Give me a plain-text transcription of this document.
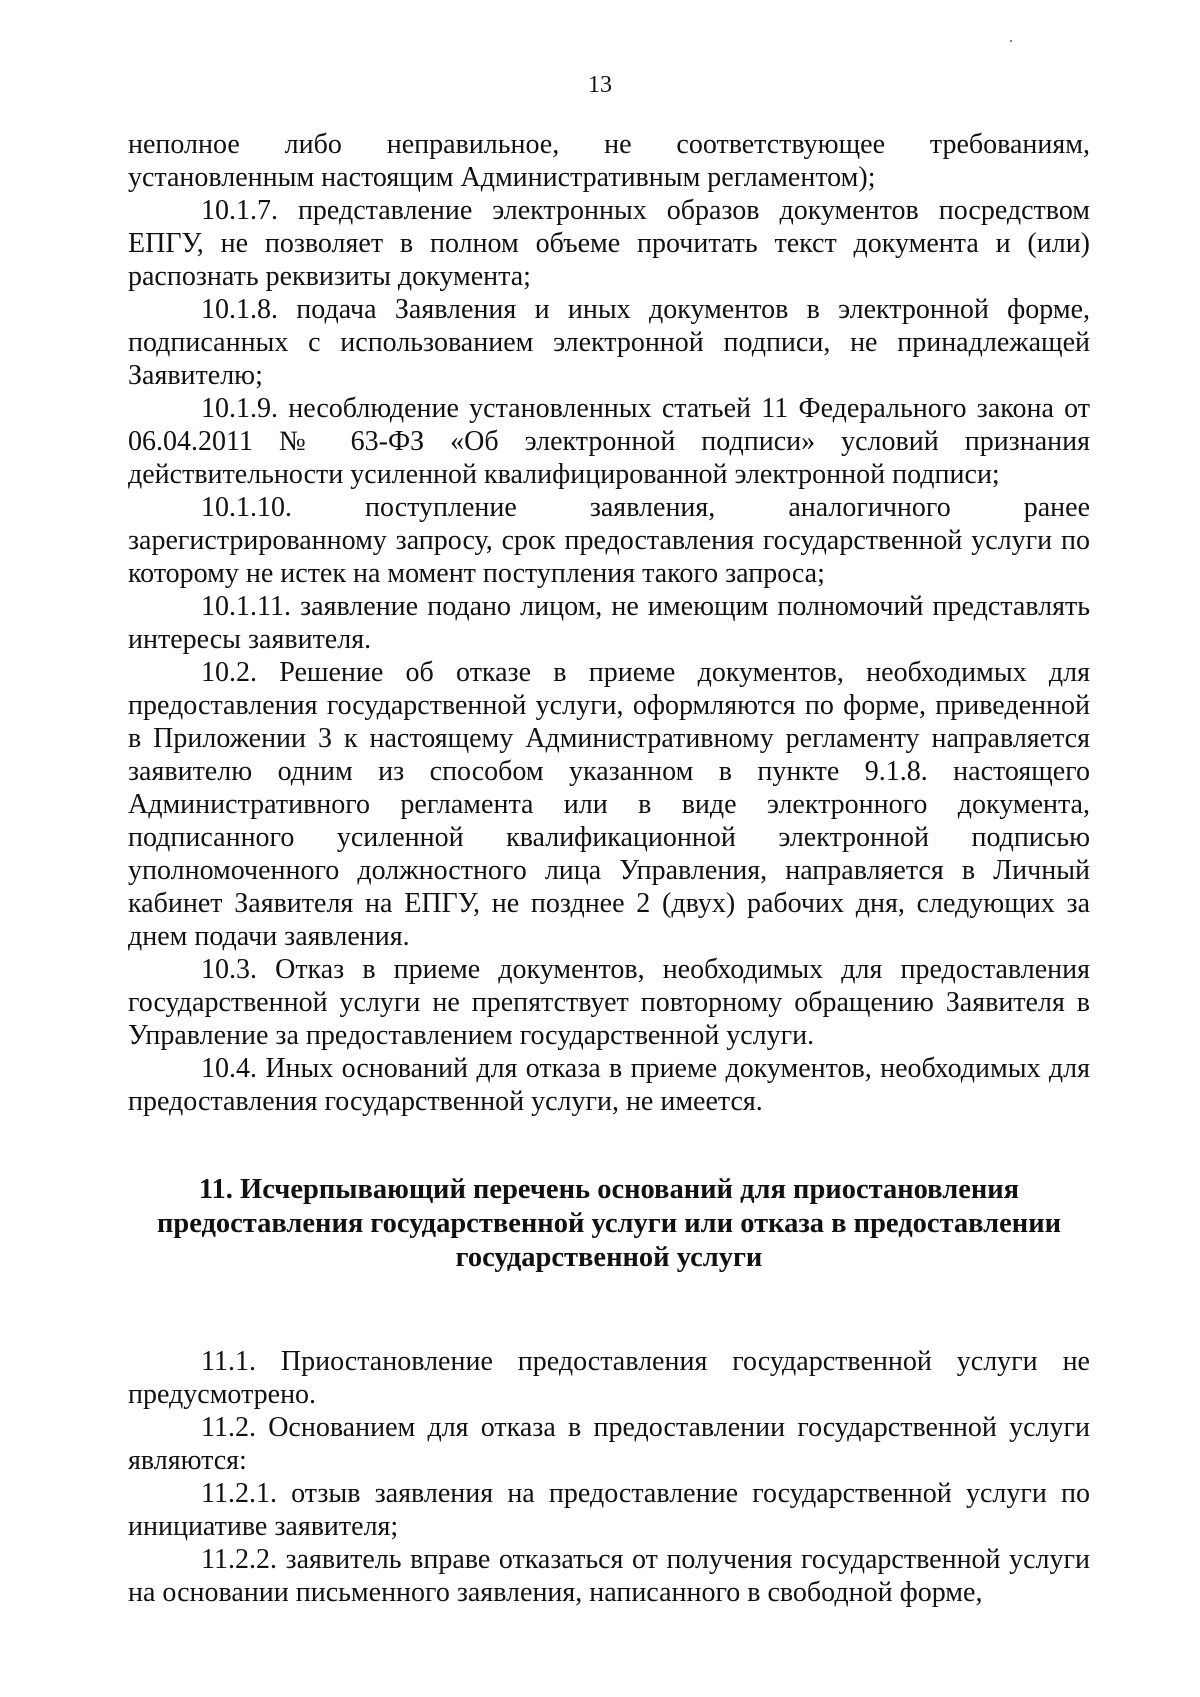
13

неполное либо неправильное, не соответствующее требованиям, установленным настоящим Административным регламентом);

10.1.7. представление электронных образов документов посредством ЕПГУ, не позволяет в полном объеме прочитать текст документа и (или) распознать реквизиты документа;

10.1.8. подача Заявления и иных документов в электронной форме, подписанных с использованием электронной подписи, не принадлежащей Заявителю;

10.1.9. несоблюдение установленных статьей 11 Федерального закона от 06.04.2011 № 63-ФЗ «Об электронной подписи» условий признания действительности усиленной квалифицированной электронной подписи;

10.1.10. поступление заявления, аналогичного ранее зарегистрированному запросу, срок предоставления государственной услуги по которому не истек на момент поступления такого запроса;

10.1.11. заявление подано лицом, не имеющим полномочий представлять интересы заявителя.

10.2. Решение об отказе в приеме документов, необходимых для предоставления государственной услуги, оформляются по форме, приведенной в Приложении 3 к настоящему Административному регламенту направляется заявителю одним из способом указанном в пункте 9.1.8. настоящего Административного регламента или в виде электронного документа, подписанного усиленной квалификационной электронной подписью уполномоченного должностного лица Управления, направляется в Личный кабинет Заявителя на ЕПГУ, не позднее 2 (двух) рабочих дня, следующих за днем подачи заявления.

10.3. Отказ в приеме документов, необходимых для предоставления государственной услуги не препятствует повторному обращению Заявителя в Управление за предоставлением государственной услуги.

10.4. Иных оснований для отказа в приеме документов, необходимых для предоставления государственной услуги, не имеется.

11. Исчерпывающий перечень оснований для приостановления
предоставления государственной услуги или отказа в предоставлении
государственной услуги

11.1. Приостановление предоставления государственной услуги не предусмотрено.

11.2. Основанием для отказа в предоставлении государственной услуги являются:

11.2.1. отзыв заявления на предоставление государственной услуги по инициативе заявителя;

11.2.2. заявитель вправе отказаться от получения государственной услуги на основании письменного заявления, написанного в свободной форме,
